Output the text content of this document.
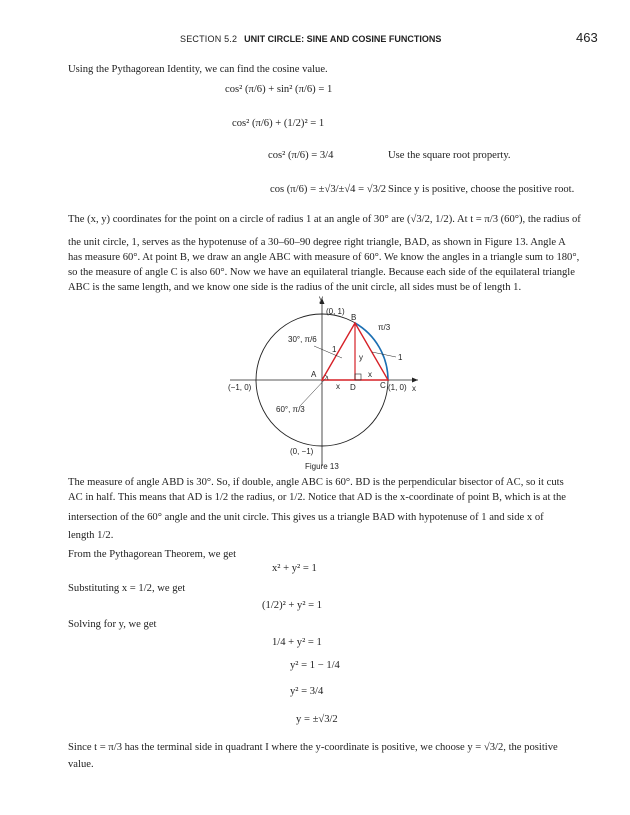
SECTION 5.2 UNIT CIRCLE: SINE AND COSINE FUNCTIONS	463
Using the Pythagorean Identity, we can find the cosine value.
cos² (π/6) + sin² (π/6) = 1
cos² (π/6) + (1/2)² = 1
cos² (π/6) = 3/4	Use the square root property.
cos (π/6) = ±√3/±√4 = √3/2 Since y is positive, choose the positive root.
The (x, y) coordinates for the point on a circle of radius 1 at an angle of 30° are (√3/2, 1/2). At t = π/3 (60°), the radius of
the unit circle, 1, serves as the hypotenuse of a 30–60–90 degree right triangle, BAD, as shown in Figure 13. Angle A
has measure 60°. At point B, we draw an angle ABC with measure of 60°. We know the angles in a triangle sum to 180°,
so the measure of angle C is also 60°. Now we have an equilateral triangle. Because each side of the equilateral triangle
ABC is the same length, and we know one side is the radius of the unit circle, all sides must be of length 1.
y
x
(0, 1)
(0, −1)
(−1, 0)	(1, 0)
B
A
D	C
1
y
x
x
π/3
1
30°, π/6
60°, π/3
Figure 13
The measure of angle ABD is 30°. So, if double, angle ABC is 60°. BD is the perpendicular bisector of AC, so it cuts
AC in half. This means that AD is 1/2 the radius, or 1/2. Notice that AD is the x-coordinate of point B, which is at the
intersection of the 60° angle and the unit circle. This gives us a triangle BAD with hypotenuse of 1 and side x of
length 1/2.
From the Pythagorean Theorem, we get
x² + y² = 1
Substituting x = 1/2, we get
(1/2)² + y² = 1
Solving for y, we get
1/4 + y² = 1
y² = 1 − 1/4
y² = 3/4
y = ±√3/2
Since t = π/3 has the terminal side in quadrant I where the y-coordinate is positive, we choose y = √3/2, the positive
value.
